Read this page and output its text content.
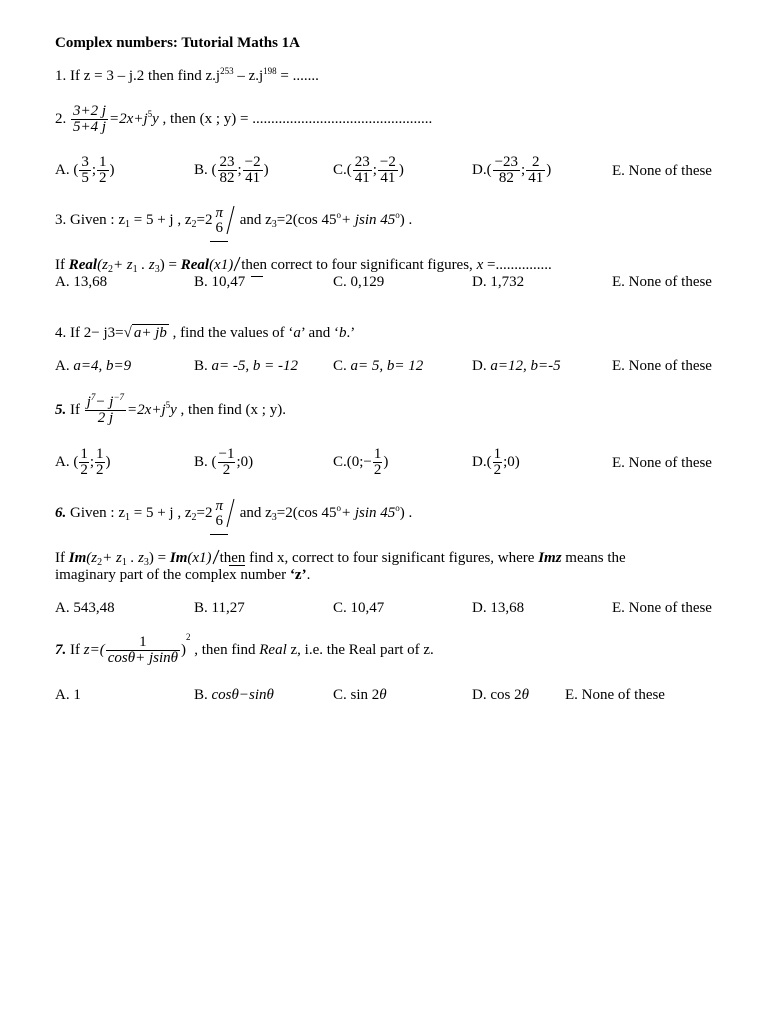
Complex numbers: Tutorial Maths 1A
1. If z = 3 – j.2 then find $z.j^{253} - z.j^{198}$ = .......
2. $\frac{3+2 j}{5+4 j} =2x+j^5y$ , then (x ; y) = ................................................
A. ( $\frac{3}{5}$ ; $\frac{1}{2}$ )	B. ( $\frac{23}{82}$ ; $\frac{-2}{41}$ )	$C.( \frac{23}{41}$ ; $\frac{-2}{41}$ )	$D.( \frac{-23}{82}$ ; $\frac{2}{41}$ )	E. None of these
3. Given : $z_1 = 5 + j$ , $z_2=2$ π
6 and $z_3=2(\cos$ $45^o+ jsin$ 45$^o$) .
If $Real(z_2+ z_1$ . $z_3$) = Real(x1) then correct to four significant figures, x =...............
A. 13,68	B. 10,47	C. 0,129	D. 1,732	E. None of these
4. If 2− j3=√ a+ jb , find the values of ‘a’ and ‘b.’
A. a=4, b=9	B. a= -5, b = -12 C. a= 5, b= 12	D. a=12, b=-5	E. None of these
5. If $\frac{j^7- j^{-7}}{2 j} =2x+j^5y$ , then find (x ; y).
A. ( $\frac{1}{2}$ ; $\frac{1}{2}$ )	B. ( $\frac{-1}{2}$ ;0)	C.(0;− $\frac{1}{2}$ )	$D.( \frac{1}{2}$ ;0)	E. None of these
6. Given : $z_1 = 5 + j$ , $z_2=2$ π
6 and $z_3=2(\cos$ $45^o+ jsin$ 45$^o$) .
If $Im(z_2+ z_1$ . $z_3) = Im(x1)$ then find x, correct to four significant figures, where Imz means the
imaginary part of the complex number ‘z’.
A. 543,48	B. 11,27	C. 10,47	D. 13,68	E. None of these
7. If $z=( \frac{1}{\cos\theta+ jsin\theta} )^2$ , then find Real z, i.e. the Real part of z.
A. 1	B. cosθ−sinθ	C. sin 2θ	D. cos 2θ E. None of these
